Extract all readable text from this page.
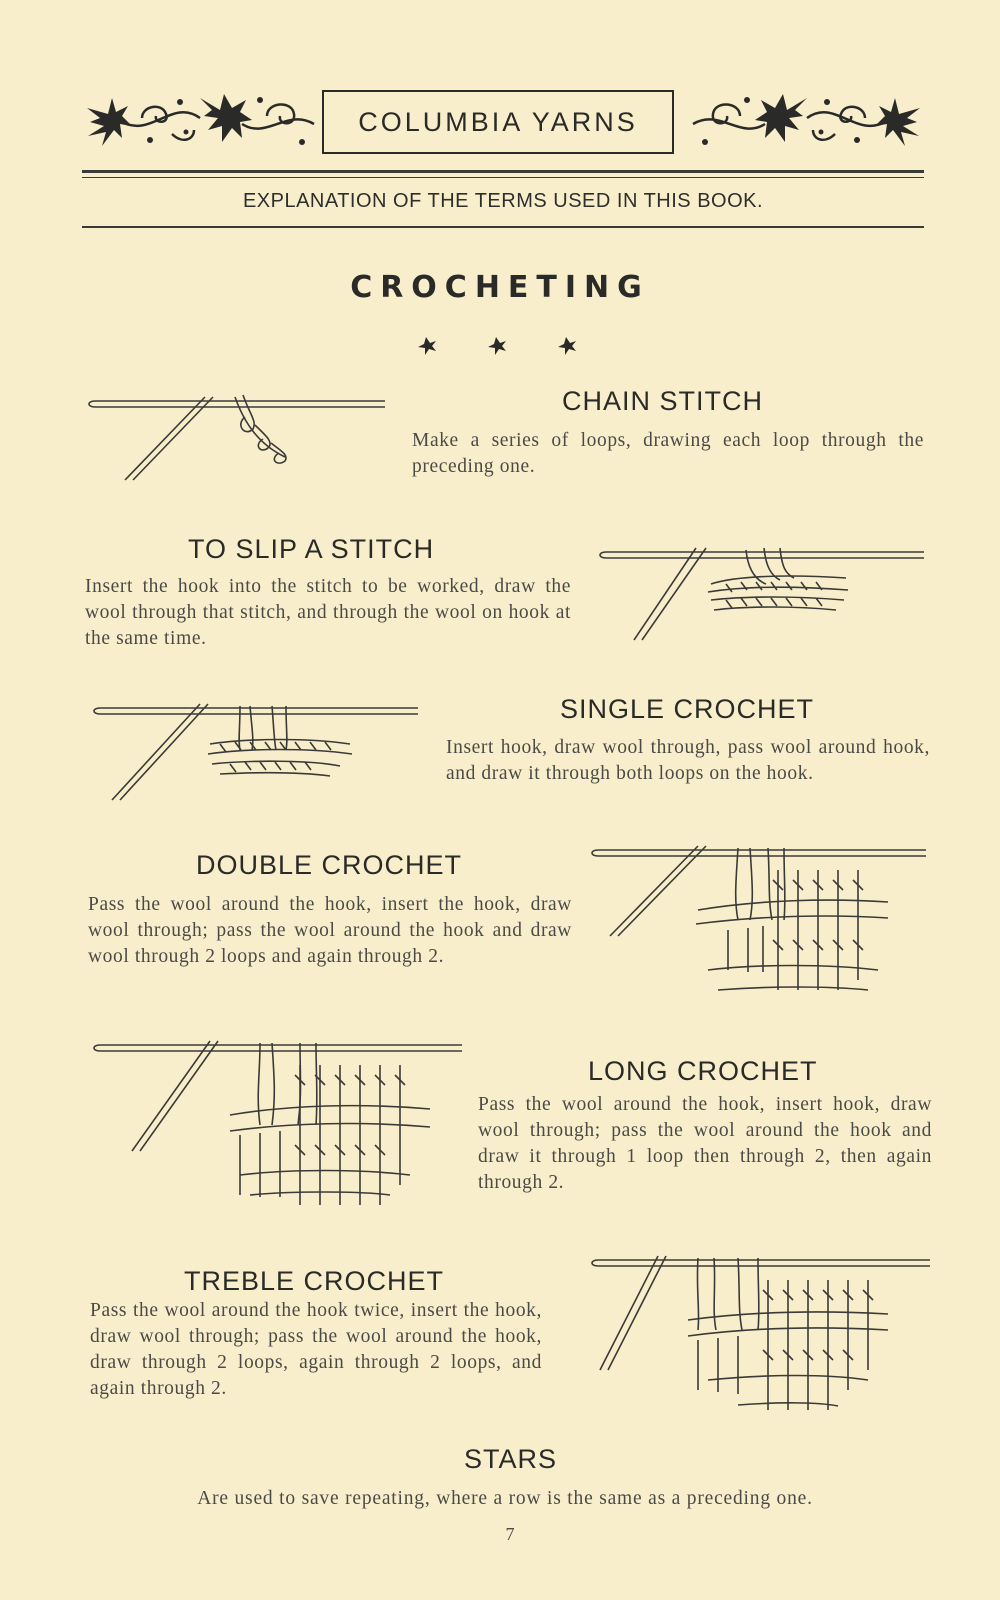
COLUMBIA YARNS
EXPLANATION OF THE TERMS USED IN THIS BOOK.
CROCHETING
CHAIN STITCH
Make a series of loops, drawing each loop through the preceding one.
TO SLIP A STITCH
Insert the hook into the stitch to be worked, draw the wool through that stitch, and through the wool on hook at the same time.
SINGLE CROCHET
Insert hook, draw wool through, pass wool around hook, and draw it through both loops on the hook.
DOUBLE CROCHET
Pass the wool around the hook, insert the hook, draw wool through; pass the wool around the hook and draw wool through 2 loops and again through 2.
LONG CROCHET
Pass the wool around the hook, insert hook, draw wool through; pass the wool around the hook and draw it through 1 loop then through 2, then again through 2.
TREBLE CROCHET
Pass the wool around the hook twice, insert the hook, draw wool through; pass the wool around the hook, draw through 2 loops, again through 2 loops, and again through 2.
STARS
Are used to save repeating, where a row is the same as a preceding one.
7
